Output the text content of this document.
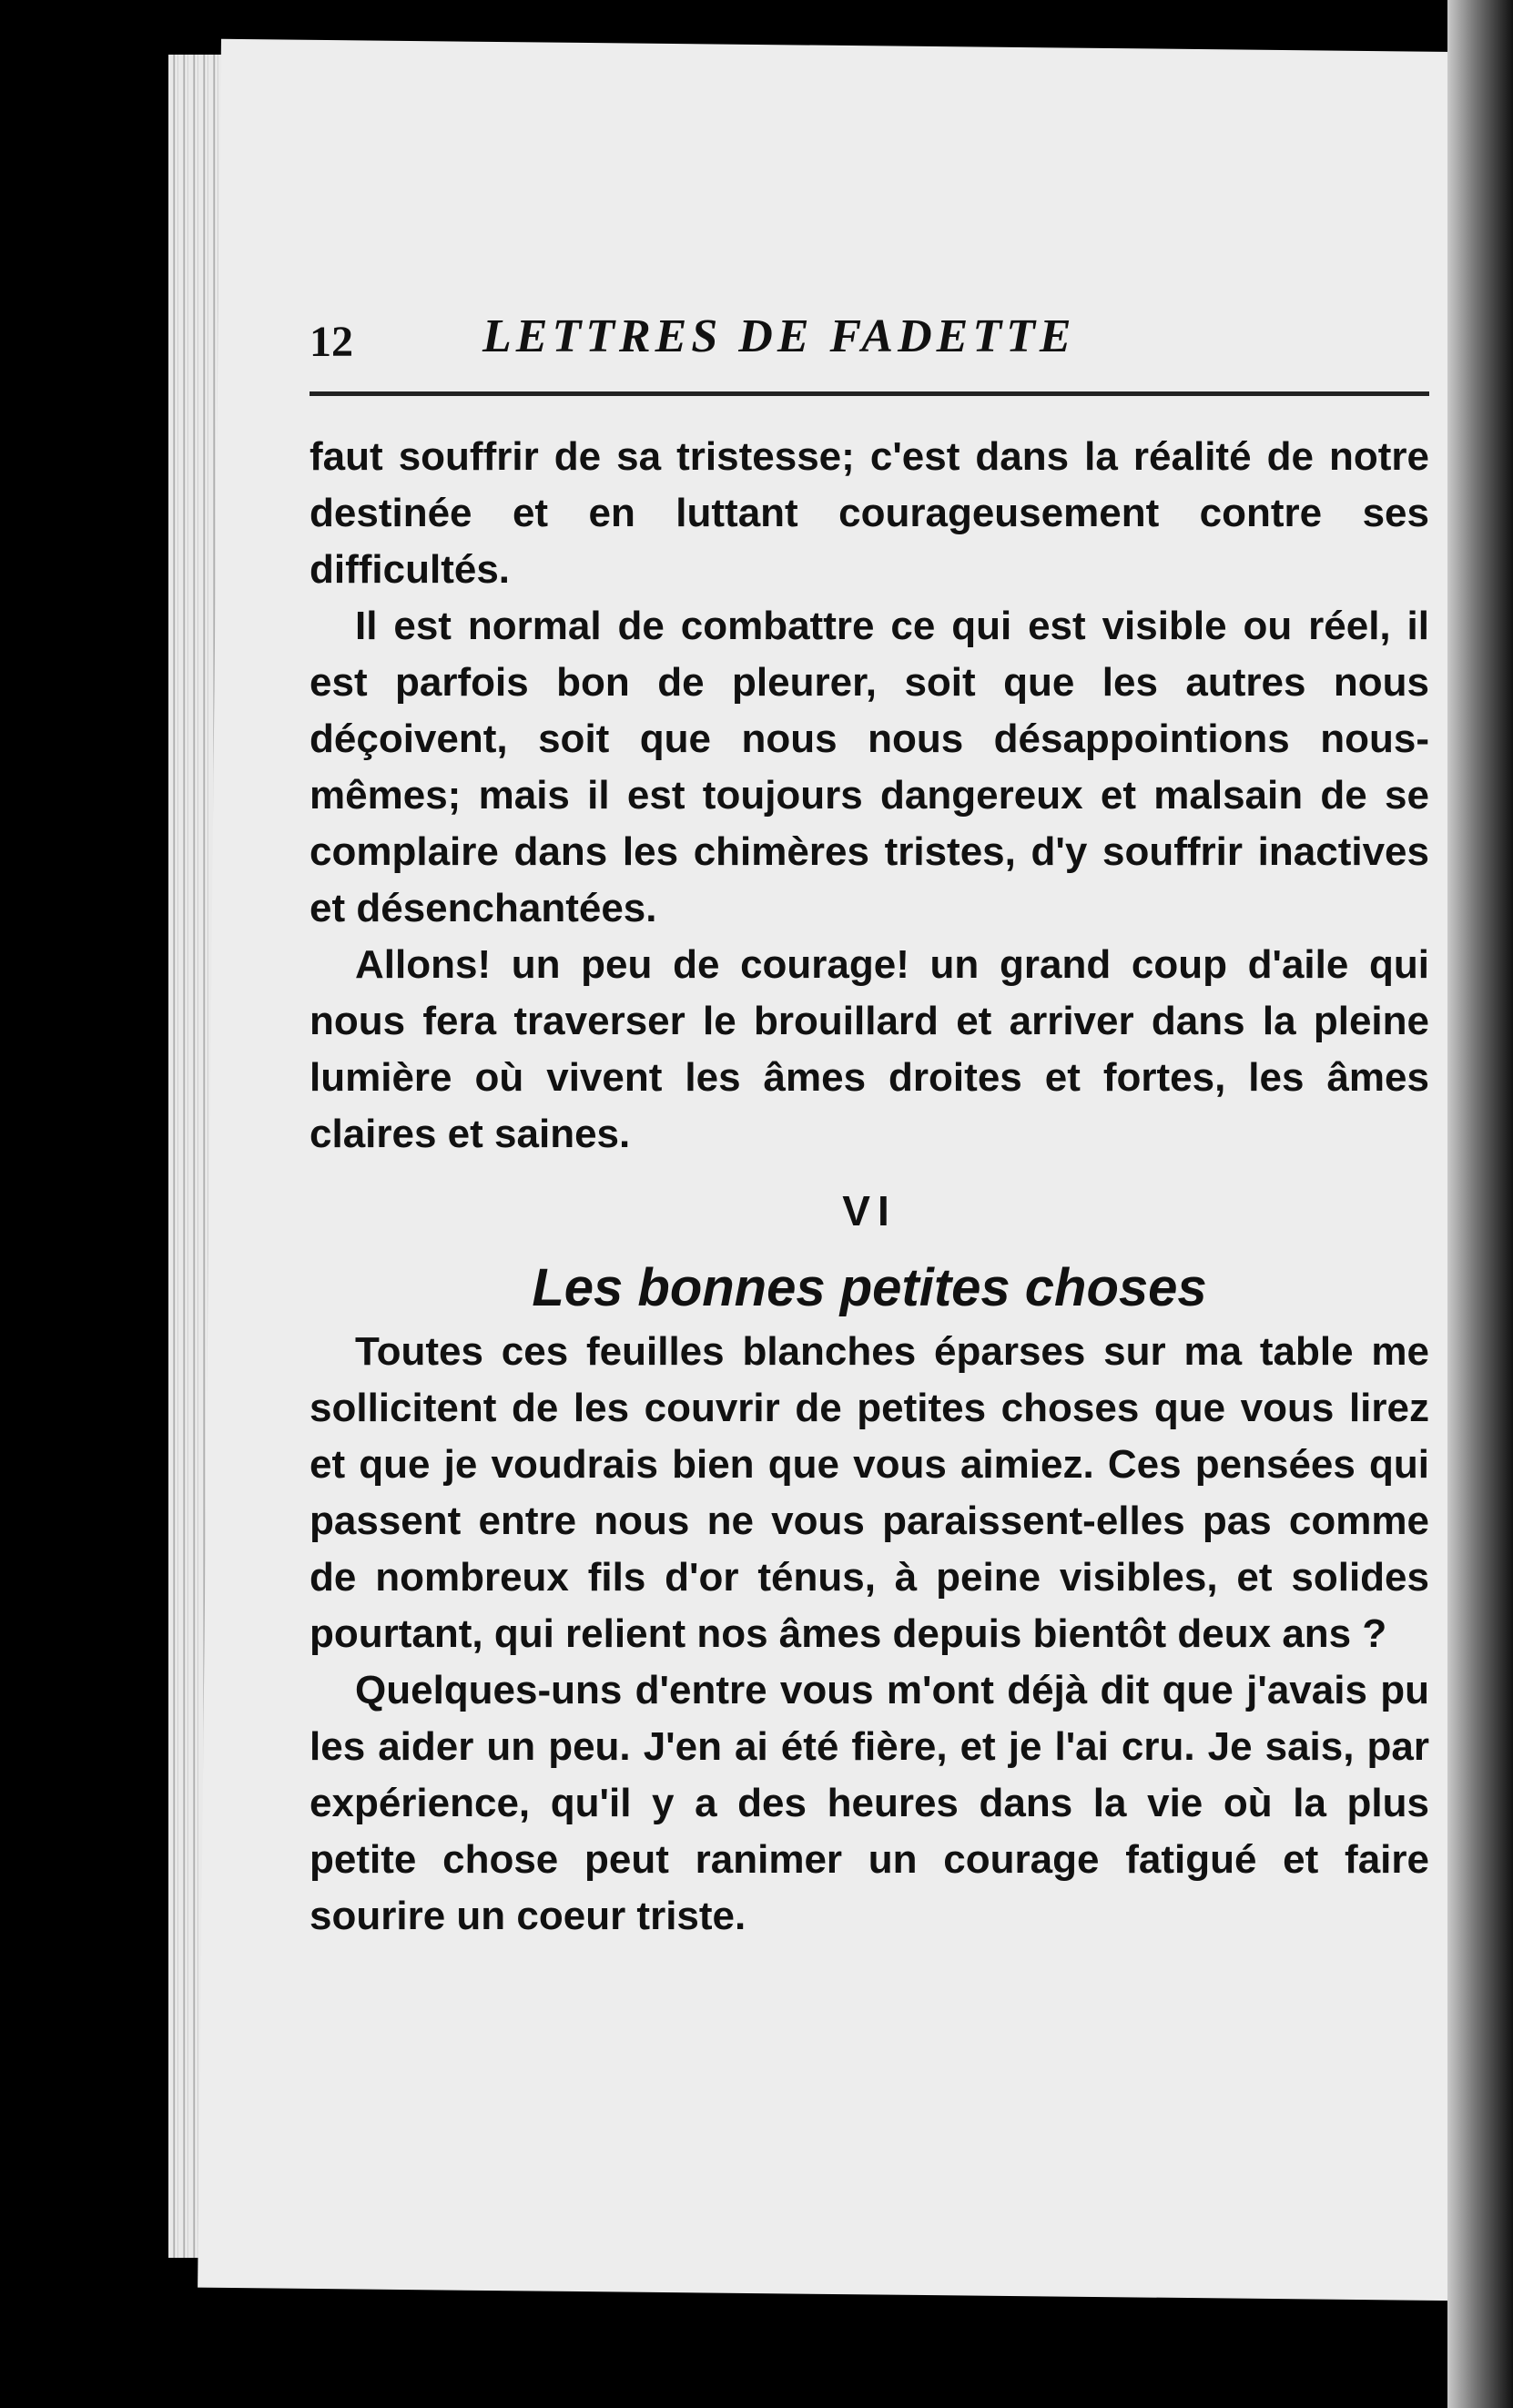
12	LETTRES DE FADETTE

faut souffrir de sa tristesse; c'est dans la réalité de notre destinée et en luttant courageusement contre ses difficultés.

Il est normal de combattre ce qui est visible ou réel, il est parfois bon de pleurer, soit que les autres nous déçoivent, soit que nous nous désappointions nous-mêmes; mais il est toujours dangereux et malsain de se complaire dans les chimères tristes, d'y souffrir inactives et désenchantées.

Allons! un peu de courage! un grand coup d'aile qui nous fera traverser le brouillard et arriver dans la pleine lumière où vivent les âmes droites et fortes, les âmes claires et saines.

VI
Les bonnes petites choses

Toutes ces feuilles blanches éparses sur ma table me sollicitent de les couvrir de petites choses que vous lirez et que je voudrais bien que vous aimiez. Ces pensées qui passent entre nous ne vous paraissent-elles pas comme de nombreux fils d'or ténus, à peine visibles, et solides pourtant, qui relient nos âmes depuis bientôt deux ans ?

Quelques-uns d'entre vous m'ont déjà dit que j'avais pu les aider un peu. J'en ai été fière, et je l'ai cru. Je sais, par expérience, qu'il y a des heures dans la vie où la plus petite chose peut ranimer un courage fatigué et faire sourire un coeur triste.
